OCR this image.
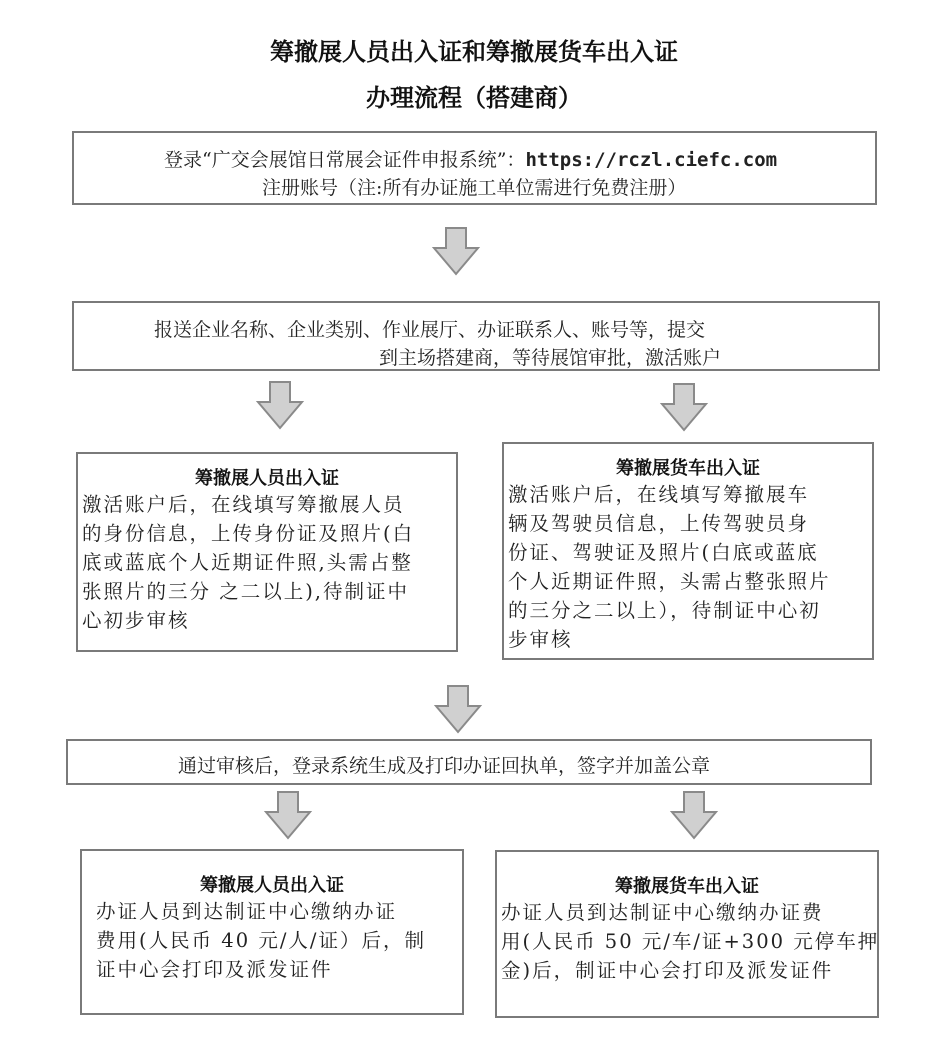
筹撤展人员出入证和筹撤展货车出入证
办理流程（搭建商）
登录“广交会展馆日常展会证件申报系统”：https://rczl.ciefc.com
注册账号（注:所有办证施工单位需进行免费注册）
报送企业名称、企业类别、作业展厅、办证联系人、账号等，提交
到主场搭建商，等待展馆审批，激活账户
筹撤展人员出入证
激活账户后，在线填写筹撤展人员
的身份信息，上传身份证及照片(白
底或蓝底个人近期证件照,头需占整
张照片的三分 之二以上),待制证中
心初步审核
筹撤展货车出入证
激活账户后，在线填写筹撤展车
辆及驾驶员信息，上传驾驶员身
份证、驾驶证及照片(白底或蓝底
个人近期证件照，头需占整张照片
的三分之二以上），待制证中心初
步审核
通过审核后，登录系统生成及打印办证回执单，签字并加盖公章
筹撤展人员出入证
办证人员到达制证中心缴纳办证
费用(人民币 40 元/人/证）后，制
证中心会打印及派发证件
筹撤展货车出入证
办证人员到达制证中心缴纳办证费
用(人民币 50 元/车/证+300 元停车押
金)后，制证中心会打印及派发证件
